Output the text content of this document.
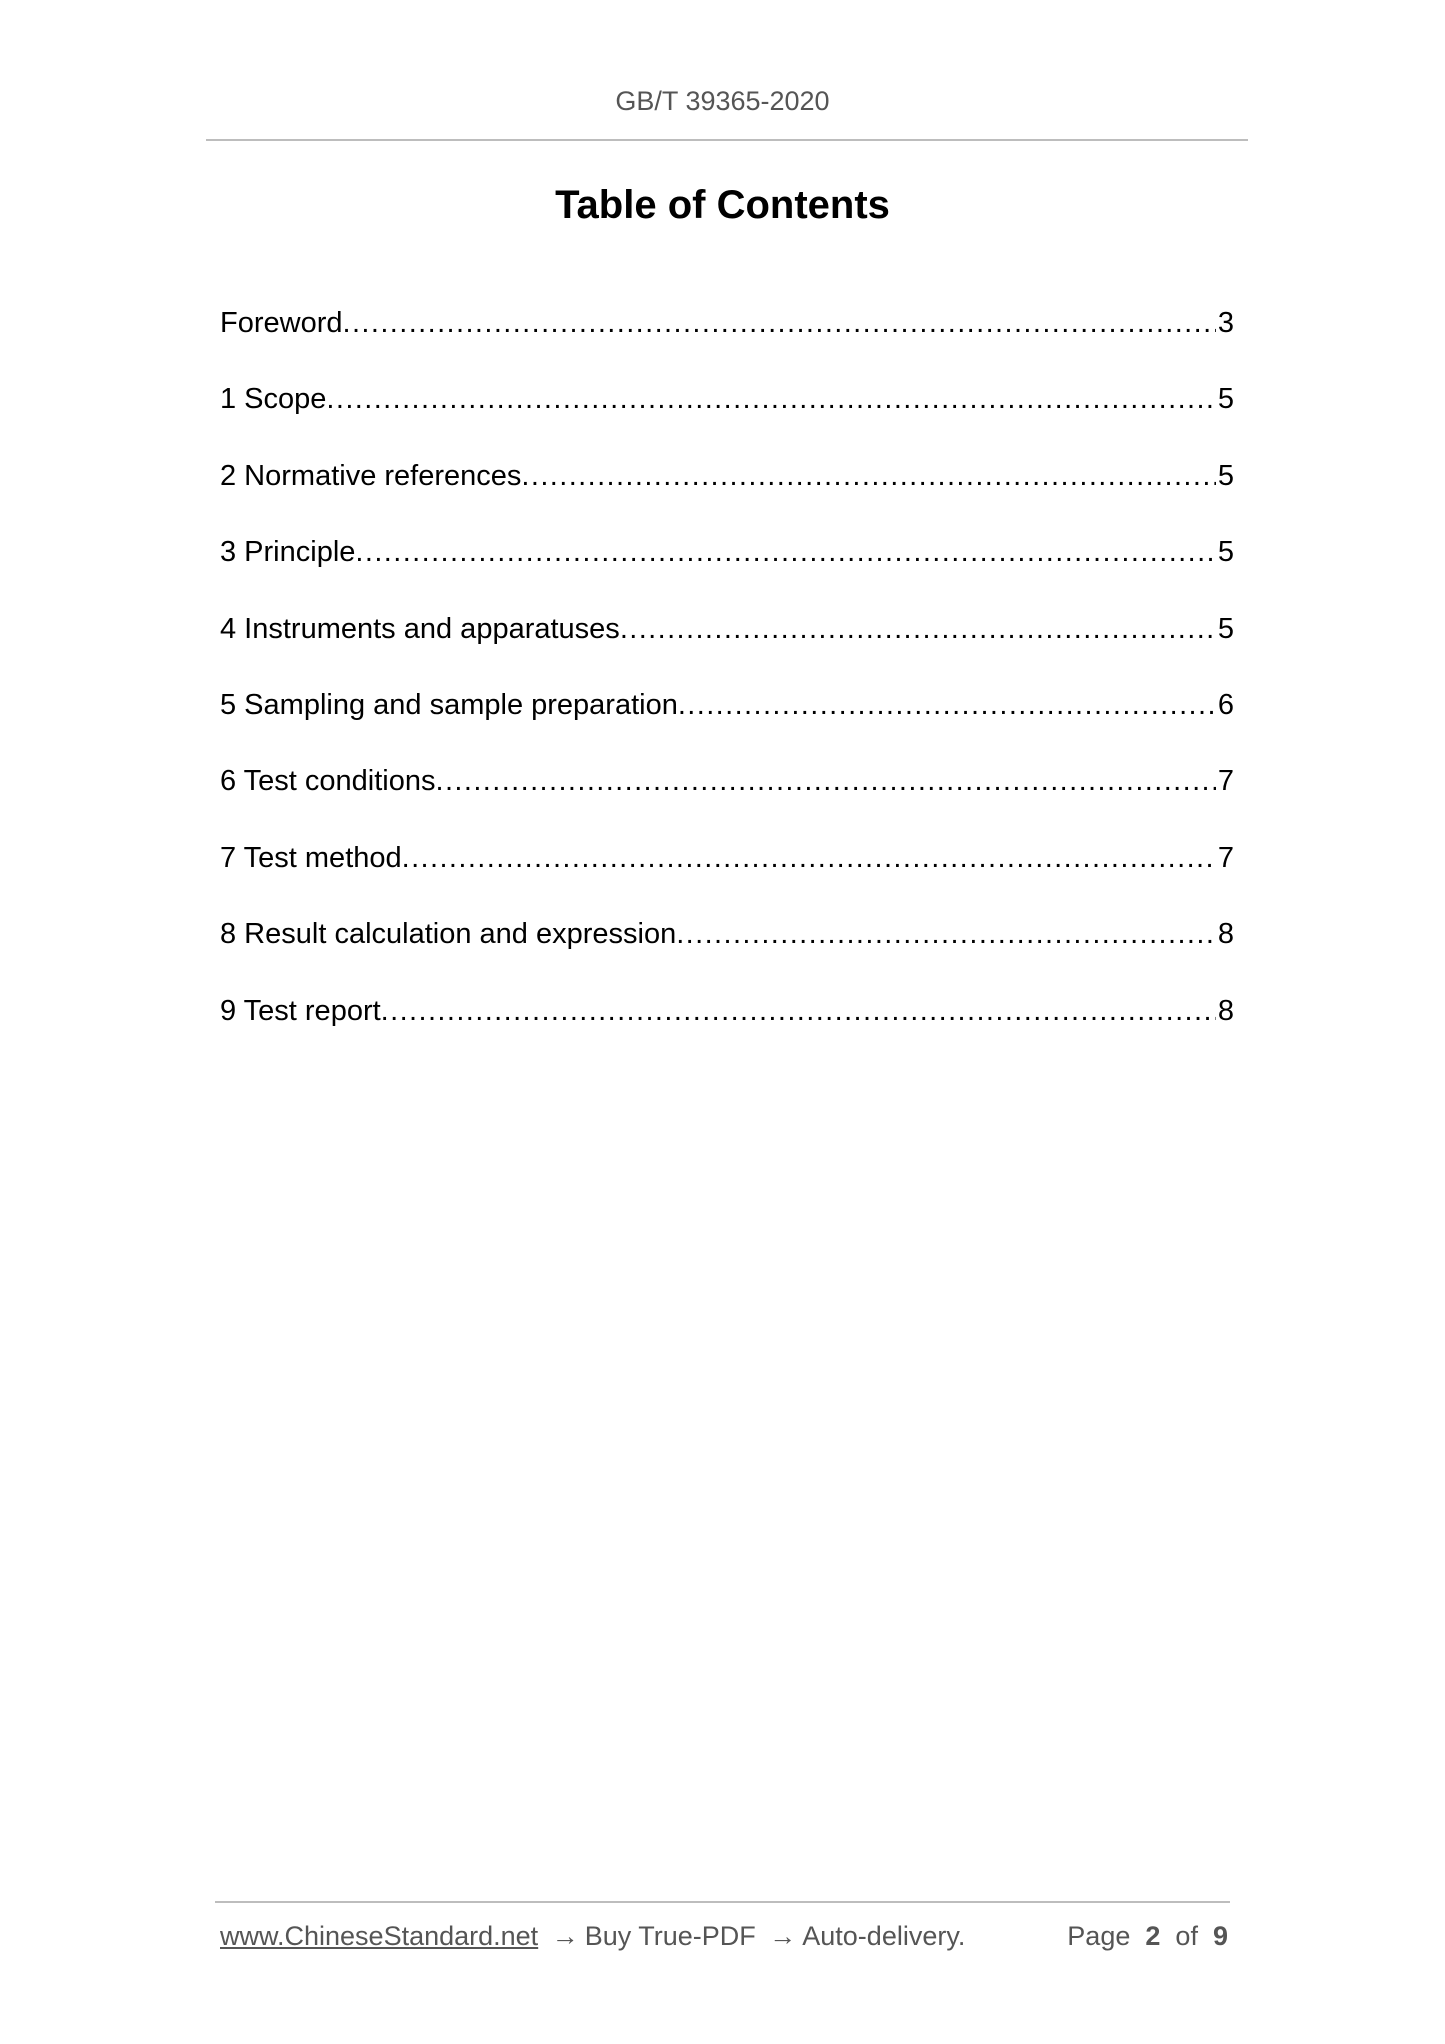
GB/T 39365-2020
Table of Contents
Foreword .....	3
1 Scope .....	5
2 Normative references .....	5
3 Principle .....	5
4 Instruments and apparatuses .....	5
5 Sampling and sample preparation .....	6
6 Test conditions .....	7
7 Test method .....	7
8 Result calculation and expression .....	8
9 Test report .....	8
www.ChineseStandard.net → Buy True-PDF → Auto-delivery.	Page 2 of 9
